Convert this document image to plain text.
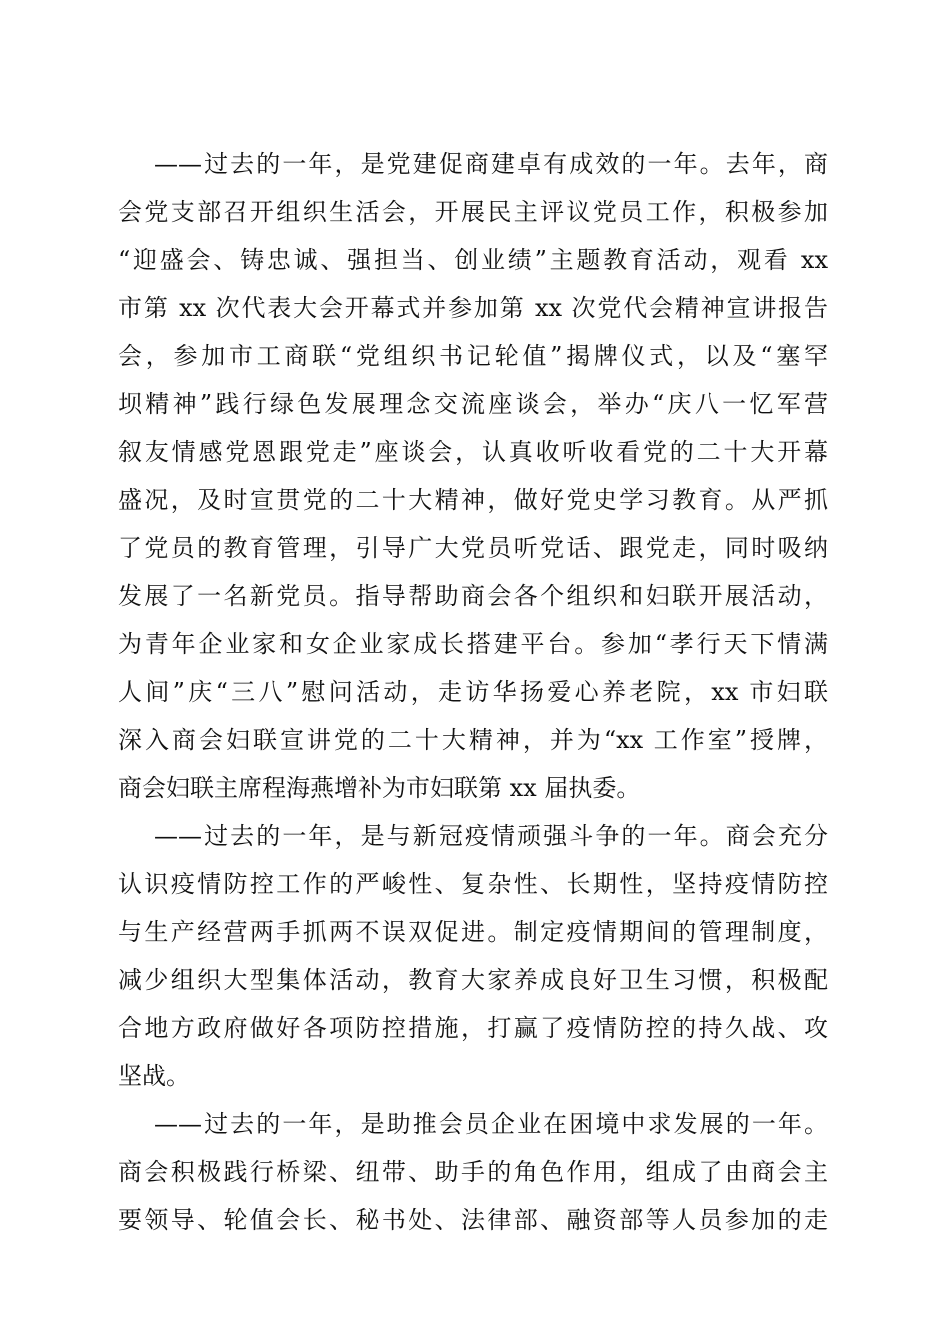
——过去的一年，是党建促商建卓有成效的一年。去年，商
会党支部召开组织生活会，开展民主评议党员工作，积极参加
“迎盛会、铸忠诚、强担当、创业绩”主题教育活动，观看 xx
市第 xx 次代表大会开幕式并参加第 xx 次党代会精神宣讲报告
会，参加市工商联“党组织书记轮值”揭牌仪式，以及“塞罕
坝精神”践行绿色发展理念交流座谈会，举办“庆八一忆军营
叙友情感党恩跟党走”座谈会，认真收听收看党的二十大开幕
盛况，及时宣贯党的二十大精神，做好党史学习教育。从严抓
了党员的教育管理，引导广大党员听党话、跟党走，同时吸纳
发展了一名新党员。指导帮助商会各个组织和妇联开展活动，
为青年企业家和女企业家成长搭建平台。参加“孝行天下情满
人间”庆“三八”慰问活动，走访华扬爱心养老院，xx 市妇联
深入商会妇联宣讲党的二十大精神，并为“xx 工作室”授牌，
商会妇联主席程海燕增补为市妇联第 xx 届执委。
——过去的一年，是与新冠疫情顽强斗争的一年。商会充分
认识疫情防控工作的严峻性、复杂性、长期性，坚持疫情防控
与生产经营两手抓两不误双促进。制定疫情期间的管理制度，
减少组织大型集体活动，教育大家养成良好卫生习惯，积极配
合地方政府做好各项防控措施，打赢了疫情防控的持久战、攻
坚战。
——过去的一年，是助推会员企业在困境中求发展的一年。
商会积极践行桥梁、纽带、助手的角色作用，组成了由商会主
要领导、轮值会长、秘书处、法律部、融资部等人员参加的走
